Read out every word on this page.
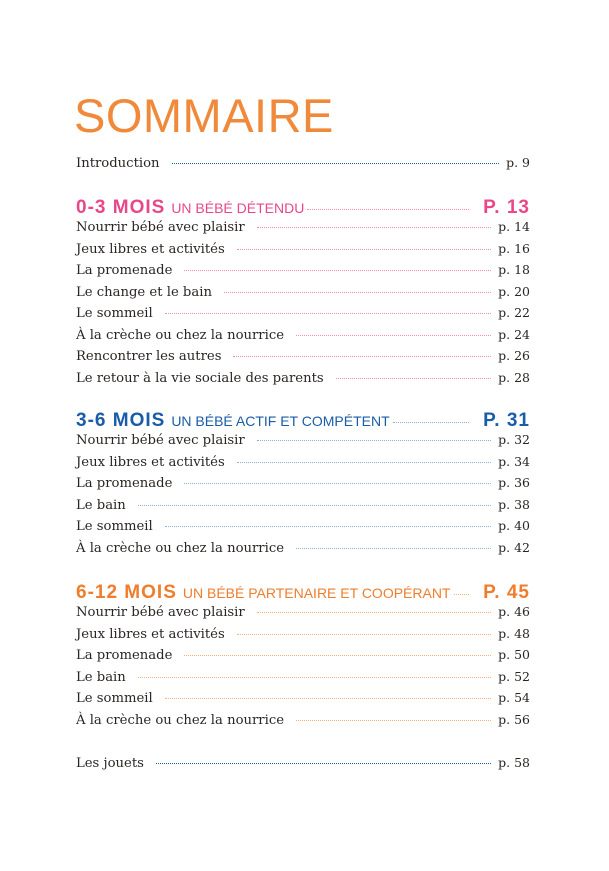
SOMMAIRE
Introduction	p. 9
0-3 MOIS UN BÉBÉ DÉTENDU	P. 13
Nourrir bébé avec plaisir	p. 14
Jeux libres et activités	p. 16
La promenade	p. 18
Le change et le bain	p. 20
Le sommeil	p. 22
À la crèche ou chez la nourrice	p. 24
Rencontrer les autres	p. 26
Le retour à la vie sociale des parents	p. 28
3-6 MOIS UN BÉBÉ ACTIF ET COMPÉTENT	P. 31
Nourrir bébé avec plaisir	p. 32
Jeux libres et activités	p. 34
La promenade	p. 36
Le bain	p. 38
Le sommeil	p. 40
À la crèche ou chez la nourrice	p. 42
6-12 MOIS UN BÉBÉ PARTENAIRE ET COOPÉRANT P. 45
Nourrir bébé avec plaisir	p. 46
Jeux libres et activités	p. 48
La promenade	p. 50
Le bain	p. 52
Le sommeil	p. 54
À la crèche ou chez la nourrice	p. 56
Les jouets	p. 58
